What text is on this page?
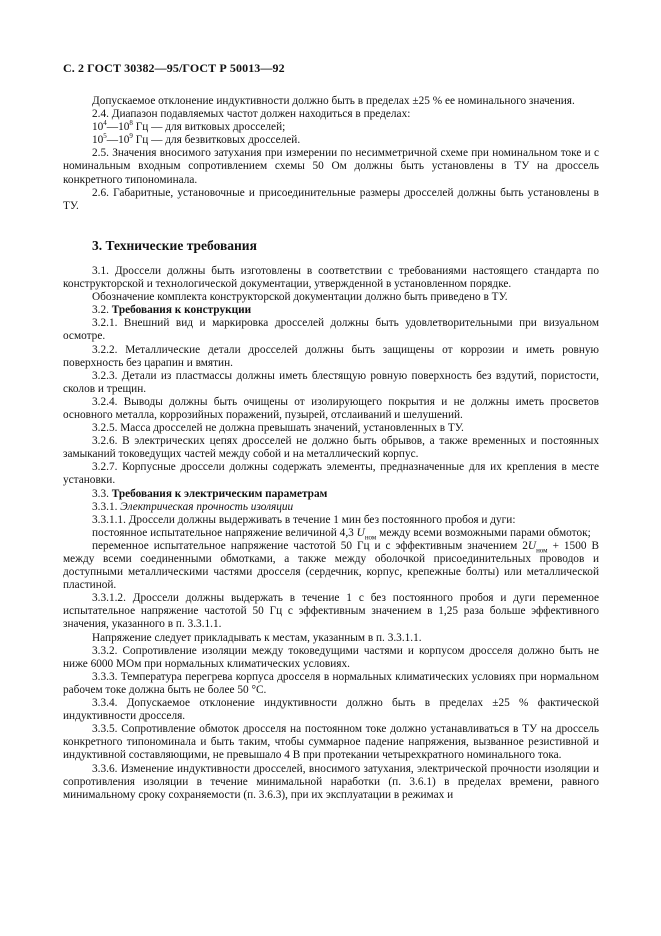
С. 2 ГОСТ 30382—95/ГОСТ Р 50013—92

Допускаемое отклонение индуктивности должно быть в пределах ±25 % ее номинального значения.

2.4. Диапазон подавляемых частот должен находиться в пределах:

$10^4—10^8$ Гц — для витковых дросселей;

$10^5—10^9$ Гц — для безвитковых дросселей.

2.5. Значения вносимого затухания при измерении по несимметричной схеме при номинальном токе и с номинальным входным сопротивлением схемы 50 Ом должны быть установлены в ТУ на дроссель конкретного типономинала.

2.6. Габаритные, установочные и присоединительные размеры дросселей должны быть установлены в ТУ.

3. Технические требования

3.1. Дроссели должны быть изготовлены в соответствии с требованиями настоящего стандарта по конструкторской и технологической документации, утвержденной в установленном порядке.

Обозначение комплекта конструкторской документации должно быть приведено в ТУ.

3.2. Требования к конструкции

3.2.1. Внешний вид и маркировка дросселей должны быть удовлетворительными при визуальном осмотре.

3.2.2. Металлические детали дросселей должны быть защищены от коррозии и иметь ровную поверхность без царапин и вмятин.

3.2.3. Детали из пластмассы должны иметь блестящую ровную поверхность без вздутий, пористости, сколов и трещин.

3.2.4. Выводы должны быть очищены от изолирующего покрытия и не должны иметь просветов основного металла, коррозийных поражений, пузырей, отслаиваний и шелушений.

3.2.5. Масса дросселей не должна превышать значений, установленных в ТУ.

3.2.6. В электрических цепях дросселей не должно быть обрывов, а также временных и постоянных замыканий токоведущих частей между собой и на металлический корпус.

3.2.7. Корпусные дроссели должны содержать элементы, предназначенные для их крепления в месте установки.

3.3. Требования к электрическим параметрам

3.3.1. Электрическая прочность изоляции

3.3.1.1. Дроссели должны выдерживать в течение 1 мин без постоянного пробоя и дуги:

постоянное испытательное напряжение величиной 4,3 $U_{ном}$ между всеми возможными парами обмоток;

переменное испытательное напряжение частотой 50 Гц и с эффективным значением $2U_{ном} + 1500$ В между всеми соединенными обмотками, а также между оболочкой присоединительных проводов и доступными металлическими частями дросселя (сердечник, корпус, крепежные болты) или металлической пластиной.

3.3.1.2. Дроссели должны выдержать в течение 1 с без постоянного пробоя и дуги переменное испытательное напряжение частотой 50 Гц с эффективным значением в 1,25 раза больше эффективного значения, указанного в п. 3.3.1.1.

Напряжение следует прикладывать к местам, указанным в п. 3.3.1.1.

3.3.2. Сопротивление изоляции между токоведущими частями и корпусом дросселя должно быть не ниже 6000 МОм при нормальных климатических условиях.

3.3.3. Температура перегрева корпуса дросселя в нормальных климатических условиях при нормальном рабочем токе должна быть не более 50 °С.

3.3.4. Допускаемое отклонение индуктивности должно быть в пределах ±25 % фактической индуктивности дросселя.

3.3.5. Сопротивление обмоток дросселя на постоянном токе должно устанавливаться в ТУ на дроссель конкретного типономинала и быть таким, чтобы суммарное падение напряжения, вызванное резистивной и индуктивной составляющими, не превышало 4 В при протекании четырехкратного номинального тока.

3.3.6. Изменение индуктивности дросселей, вносимого затухания, электрической прочности изоляции и сопротивления изоляции в течение минимальной наработки (п. 3.6.1) в пределах времени, равного минимальному сроку сохраняемости (п. 3.6.3), при их эксплуатации в режимах и
